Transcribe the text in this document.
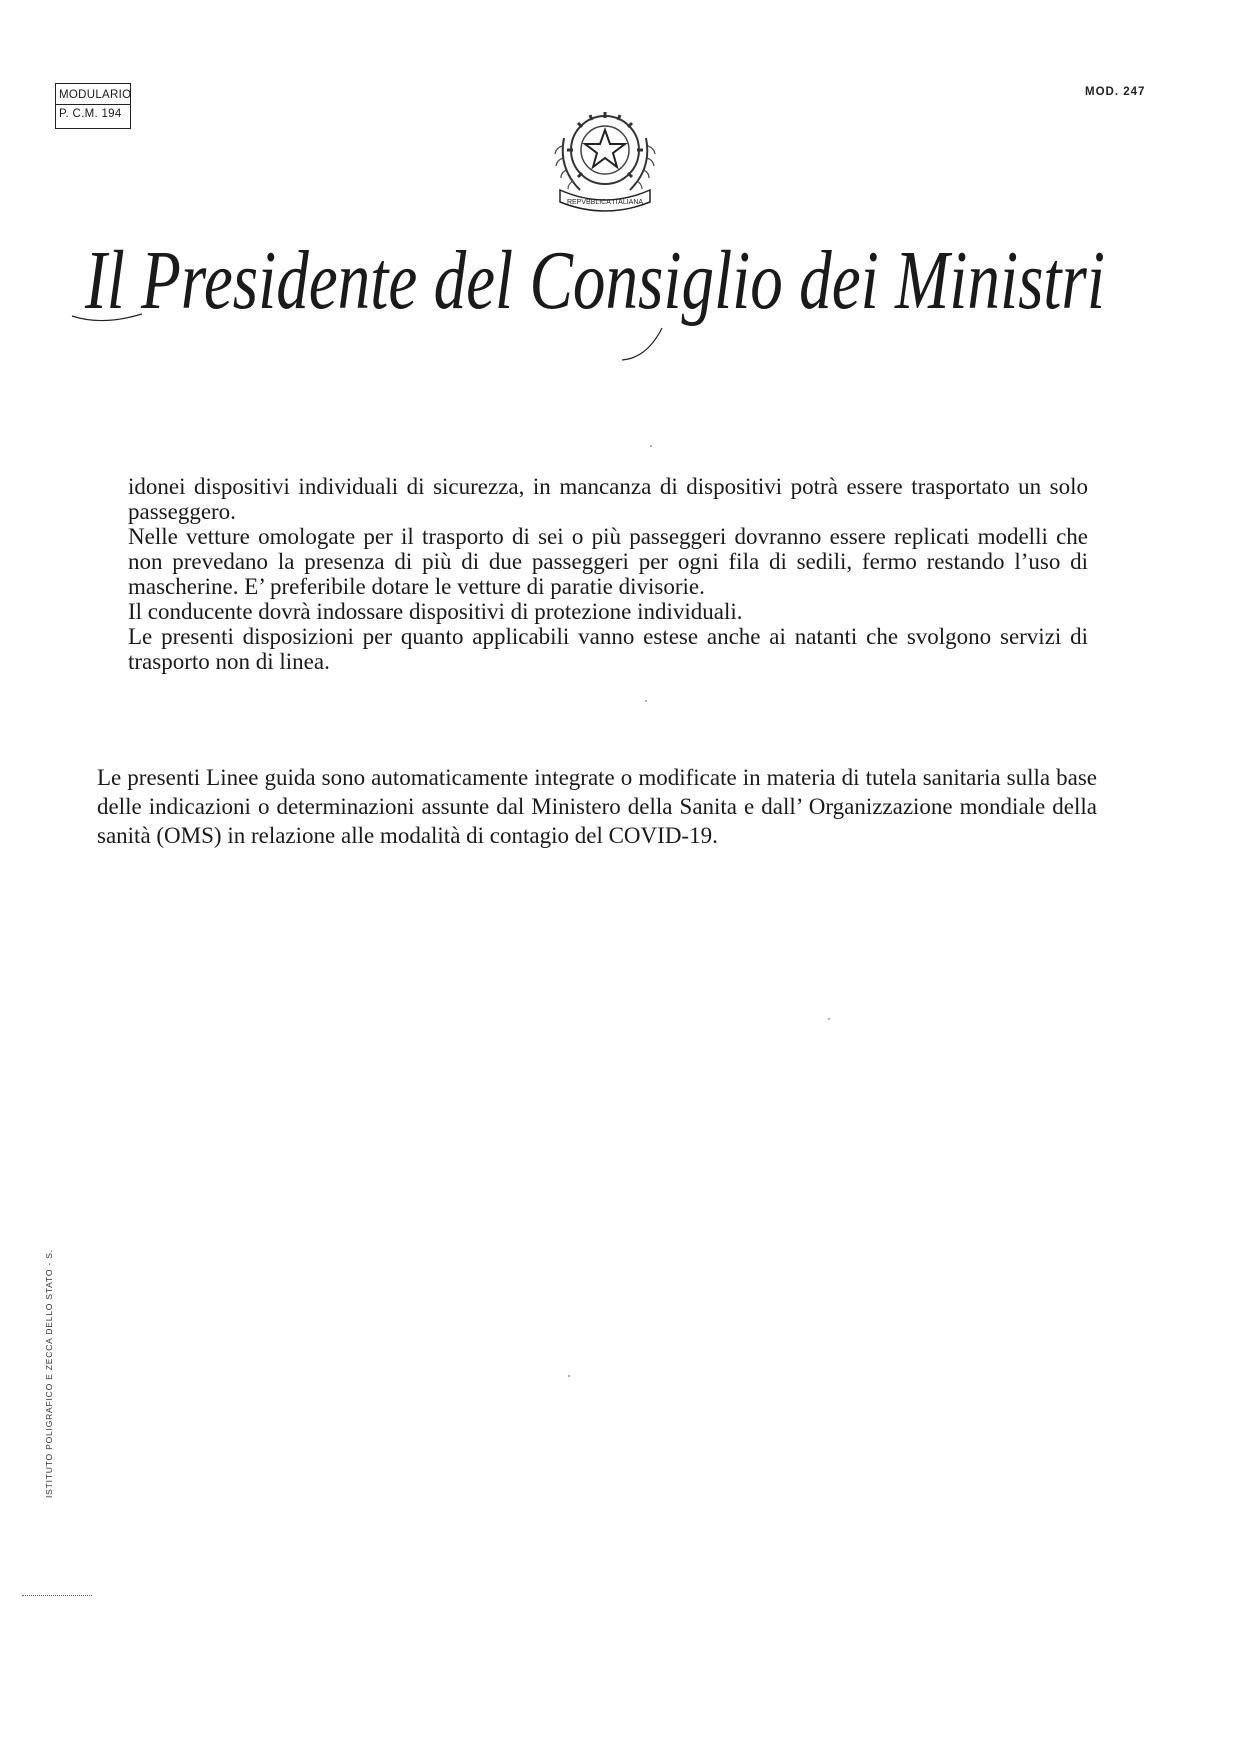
MODULARIO
P. C.M. 194
MOD. 247
REPVBBLICA ITALIANA
Il Presidente del Consiglio dei Ministri

idonei dispositivi individuali di sicurezza, in mancanza di dispositivi potrà essere trasportato un solo passeggero.

Nelle vetture omologate per il trasporto di sei o più passeggeri dovranno essere replicati modelli che non prevedano la presenza di più di due passeggeri per ogni fila di sedili, fermo restando l’uso di mascherine. E’ preferibile dotare le vetture di paratie divisorie.

Il conducente dovrà indossare dispositivi di protezione individuali.

Le presenti disposizioni per quanto applicabili vanno estese anche ai natanti che svolgono servizi di trasporto non di linea.

Le presenti Linee guida sono automaticamente integrate o modificate in materia di tutela sanitaria sulla base delle indicazioni o determinazioni assunte dal Ministero della Sanita e dall’ Organizzazione mondiale della sanità (OMS) in relazione alle modalità di contagio del COVID-19.

ISTITUTO POLIGRAFICO E ZECCA DELLO STATO - S.
